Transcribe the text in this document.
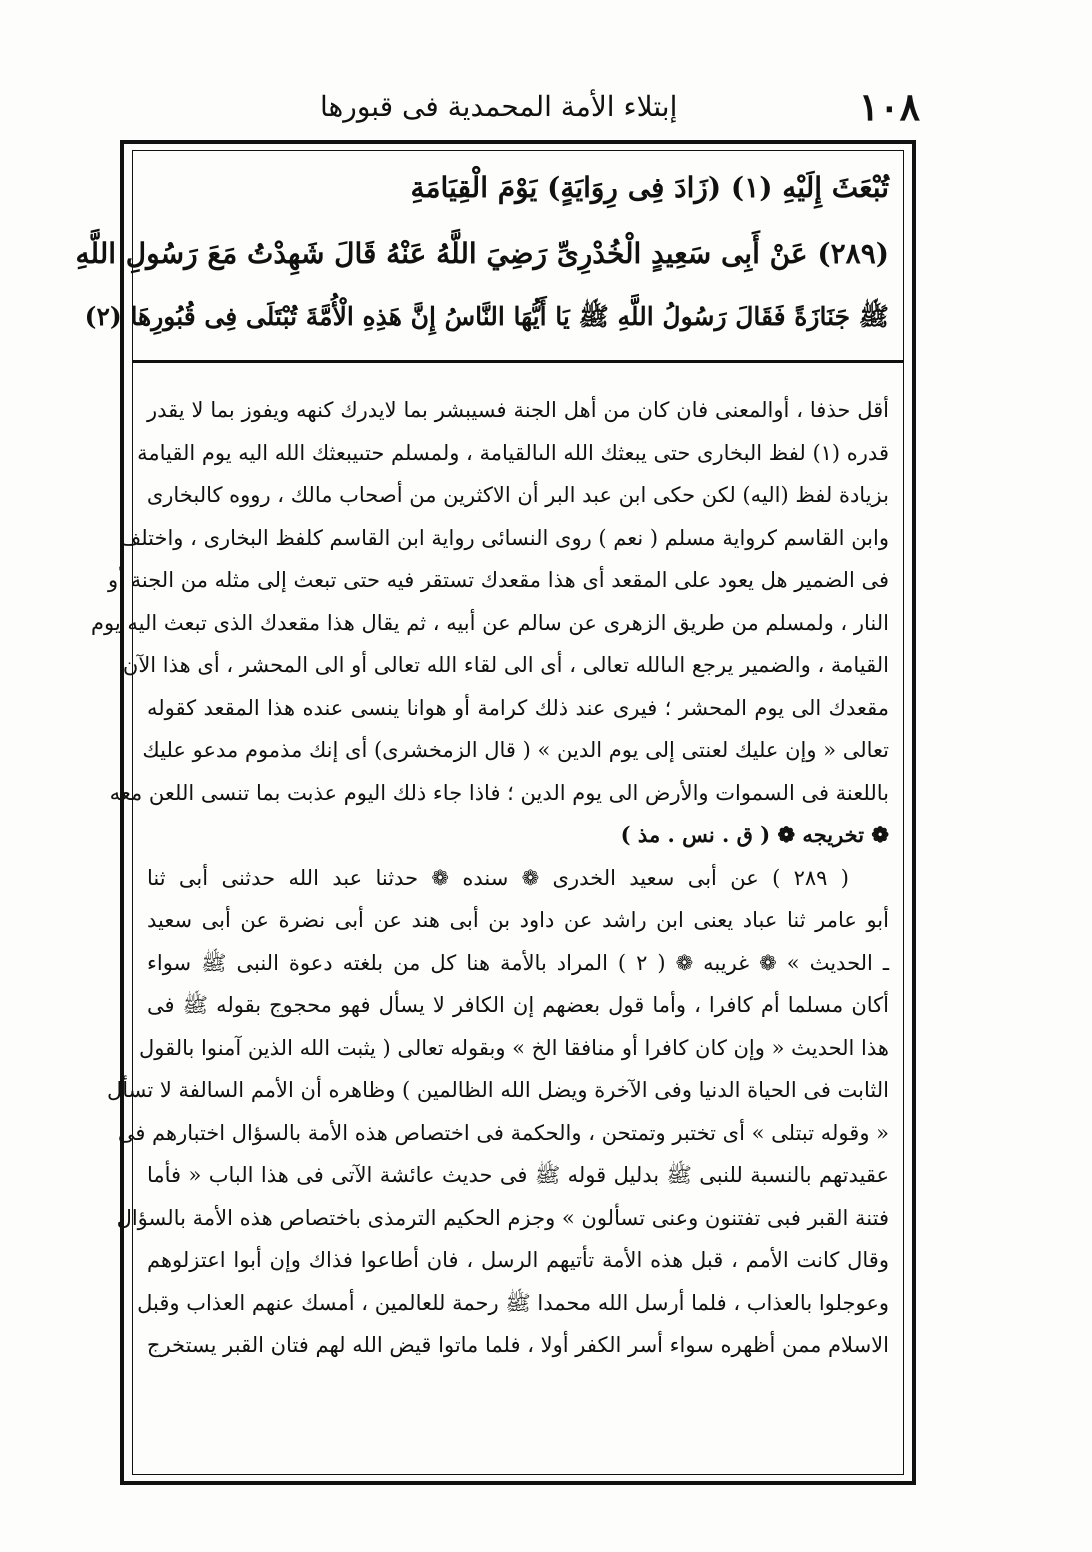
١٠٨
إبتلاء الأمة المحمدية فى قبورها
تُبْعَثَ إِلَيْهِ (١) (زَادَ فِى رِوَايَةٍ) يَوْمَ الْقِيَامَةِ
(٢٨٩) عَنْ أَبِى سَعِيدٍ الْخُدْرِىِّ رَضِيَ اللَّهُ عَنْهُ قَالَ شَهِدْتُ مَعَ رَسُولِ اللَّهِ
ﷺ جَنَازَةً فَقَالَ رَسُولُ اللَّهِ ﷺ يَا أَيُّهَا النَّاسُ إِنَّ هَذِهِ الْأُمَّةَ تُبْتَلَى فِى قُبُورِهَا (٢)
أقل حذفا ، أوالمعنى فان كان من أهل الجنة فسيبشر بما لايدرك كنهه ويفوز بما لا يقدر
قدره (١) لفظ البخارى حتى يبعثك الله الىالقيامة ، ولمسلم حتىيبعثك الله اليه يوم القيامة
بزيادة لفظ (اليه) لكن حكى ابن عبد البر أن الاكثرين من أصحاب مالك ، رووه كالبخارى
وابن القاسم كرواية مسلم ( نعم ) روى النسائى رواية ابن القاسم كلفظ البخارى ، واختلف
فى الضمير هل يعود على المقعد أى هذا مقعدك تستقر فيه حتى تبعث إلى مثله من الجنة أو
النار ، ولمسلم من طريق الزهرى عن سالم عن أبيه ، ثم يقال هذا مقعدك الذى تبعث اليه يوم
القيامة ، والضمير يرجع الىالله تعالى ، أى الى لقاء الله تعالى أو الى المحشر ، أى هذا الآن
مقعدك الى يوم المحشر ؛ فيرى عند ذلك كرامة أو هوانا ينسى عنده هذا المقعد كقوله
تعالى « وإن عليك لعنتى إلى يوم الدين » ( قال الزمخشرى) أى إنك مذموم مدعو عليك
باللعنة فى السموات والأرض الى يوم الدين ؛ فاذا جاء ذلك اليوم عذبت بما تنسى اللعن معه
❁ تخريجه ❁ ( ق . نس . مذ )
( ٢٨٩ ) عن أبى سعيد الخدرى ❁ سنده ❁ حدثنا عبد الله حدثنى أبى ثنا
أبو عامر ثنا عباد يعنى ابن راشد عن داود بن أبى هند عن أبى نضرة عن أبى سعيد
ـ الحديث » ❁ غريبه ❁ ( ٢ ) المراد بالأمة هنا كل من بلغته دعوة النبى ﷺ سواء
أكان مسلما أم كافرا ، وأما قول بعضهم إن الكافر لا يسأل فهو محجوج بقوله ﷺ فى
هذا الحديث « وإن كان كافرا أو منافقا الخ » وبقوله تعالى ( يثبت الله الذين آمنوا بالقول
الثابت فى الحياة الدنيا وفى الآخرة ويضل الله الظالمين ) وظاهره أن الأمم السالفة لا تسأل
« وقوله تبتلى » أى تختبر وتمتحن ، والحكمة فى اختصاص هذه الأمة بالسؤال اختبارهم فى
عقيدتهم بالنسبة للنبى ﷺ بدليل قوله ﷺ فى حديث عائشة الآتى فى هذا الباب « فأما
فتنة القبر فبى تفتنون وعنى تسألون » وجزم الحكيم الترمذى باختصاص هذه الأمة بالسؤال
وقال كانت الأمم ، قبل هذه الأمة تأتيهم الرسل ، فان أطاعوا فذاك وإن أبوا اعتزلوهم
وعوجلوا بالعذاب ، فلما أرسل الله محمدا ﷺ رحمة للعالمين ، أمسك عنهم العذاب وقبل
الاسلام ممن أظهره سواء أسر الكفر أولا ، فلما ماتوا قيض الله لهم فتان القبر يستخرج
